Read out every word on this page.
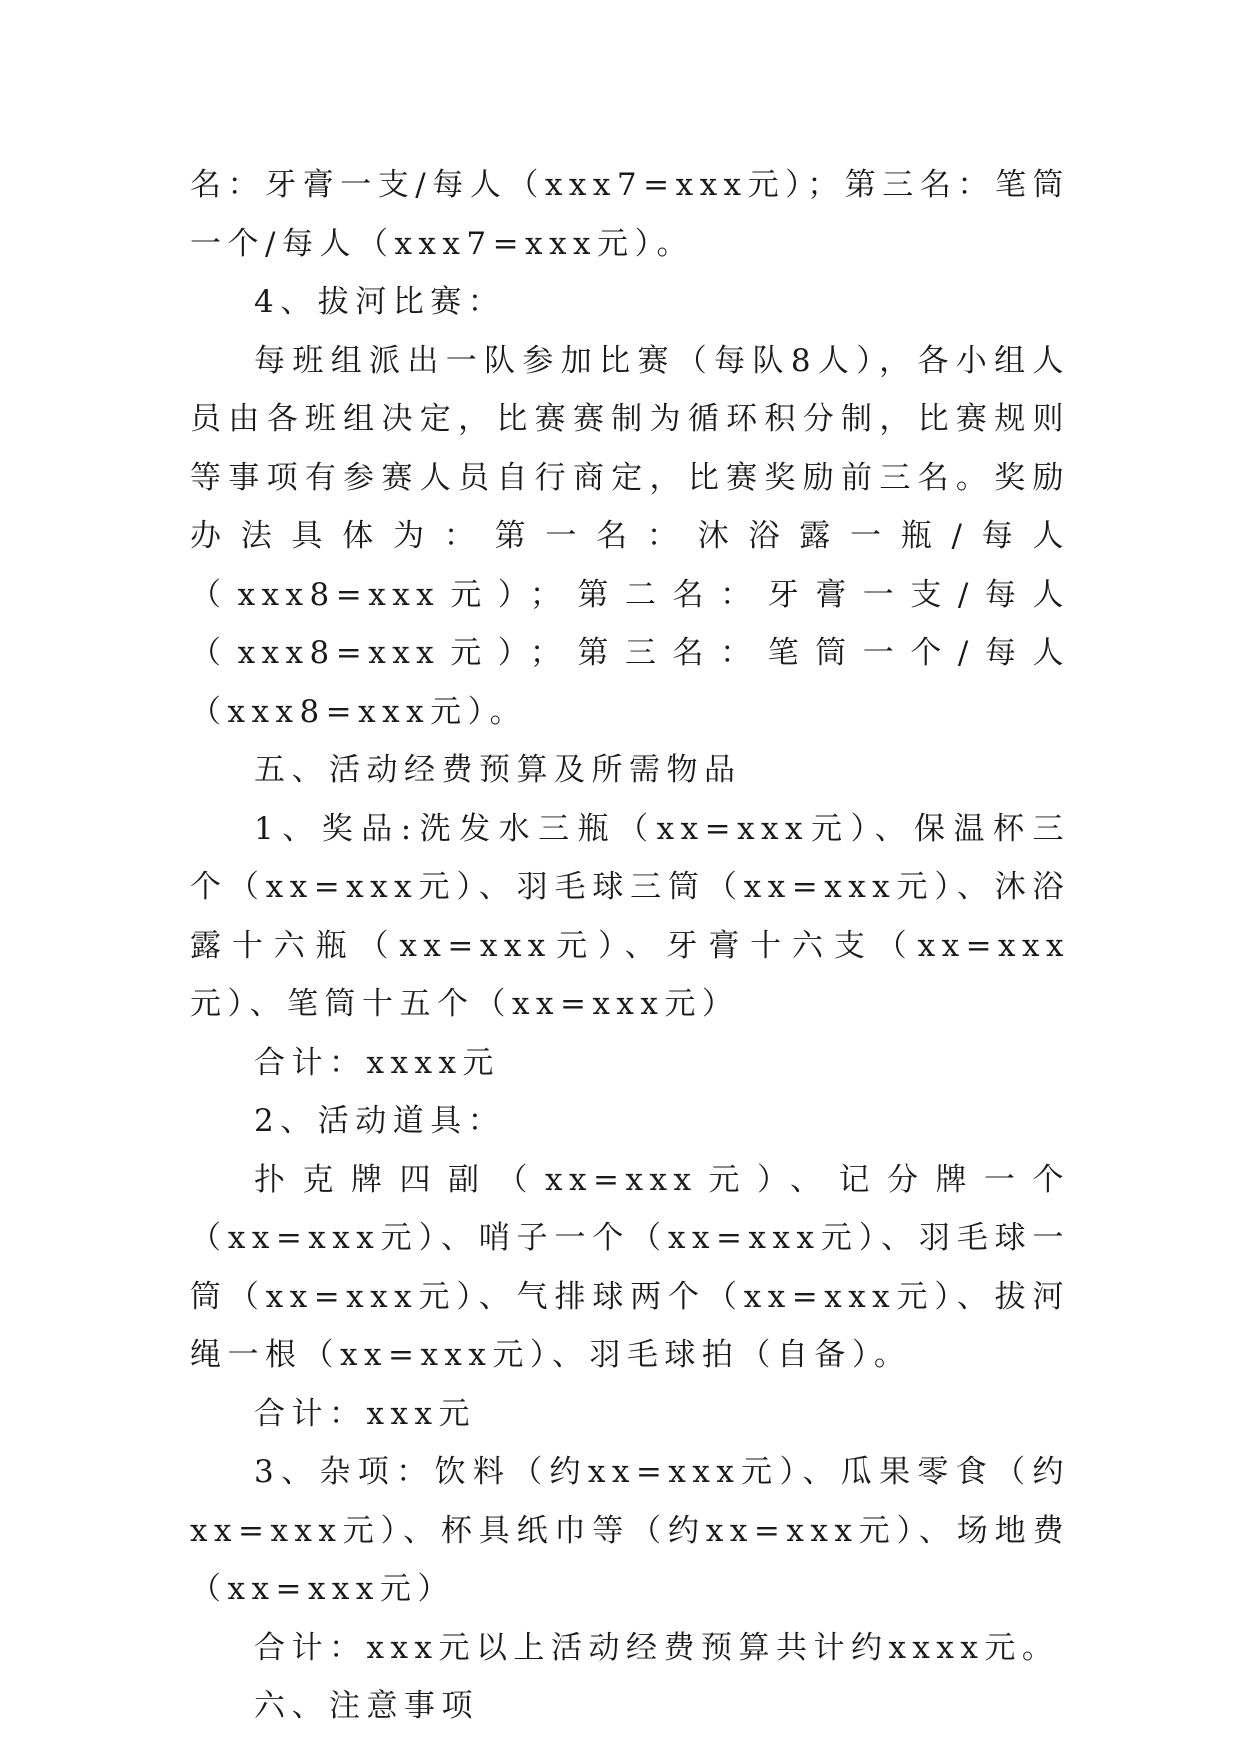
名：牙膏一支/每人（xxx7=xxx元）；第三名：笔筒一个/每人（xxx7=xxx元）。

4、拔河比赛：

每班组派出一队参加比赛（每队8人），各小组人员由各班组决定，比赛赛制为循环积分制，比赛规则等事项有参赛人员自行商定，比赛奖励前三名。奖励办法具体为：第一名：沐浴露一瓶/每人（xxx8=xxx元）；第二名：牙膏一支/每人（xxx8=xxx元）；第三名：笔筒一个/每人（xxx8=xxx元）。

五、活动经费预算及所需物品

1、奖品:洗发水三瓶（xx=xxx元）、保温杯三个（xx=xxx元）、羽毛球三筒（xx=xxx元）、沐浴露十六瓶（xx=xxx元）、牙膏十六支（xx=xxx元）、笔筒十五个（xx=xxx元）

合计：xxxx元

2、活动道具：

扑克牌四副（xx=xxx元）、记分牌一个（xx=xxx元）、哨子一个（xx=xxx元）、羽毛球一筒（xx=xxx元）、气排球两个（xx=xxx元）、拔河绳一根（xx=xxx元）、羽毛球拍（自备）。

合计：xxx元

3、杂项：饮料（约xx=xxx元）、瓜果零食（约xx=xxx元）、杯具纸巾等（约xx=xxx元）、场地费（xx=xxx元）

合计：xxx元以上活动经费预算共计约xxxx元。

六、注意事项
